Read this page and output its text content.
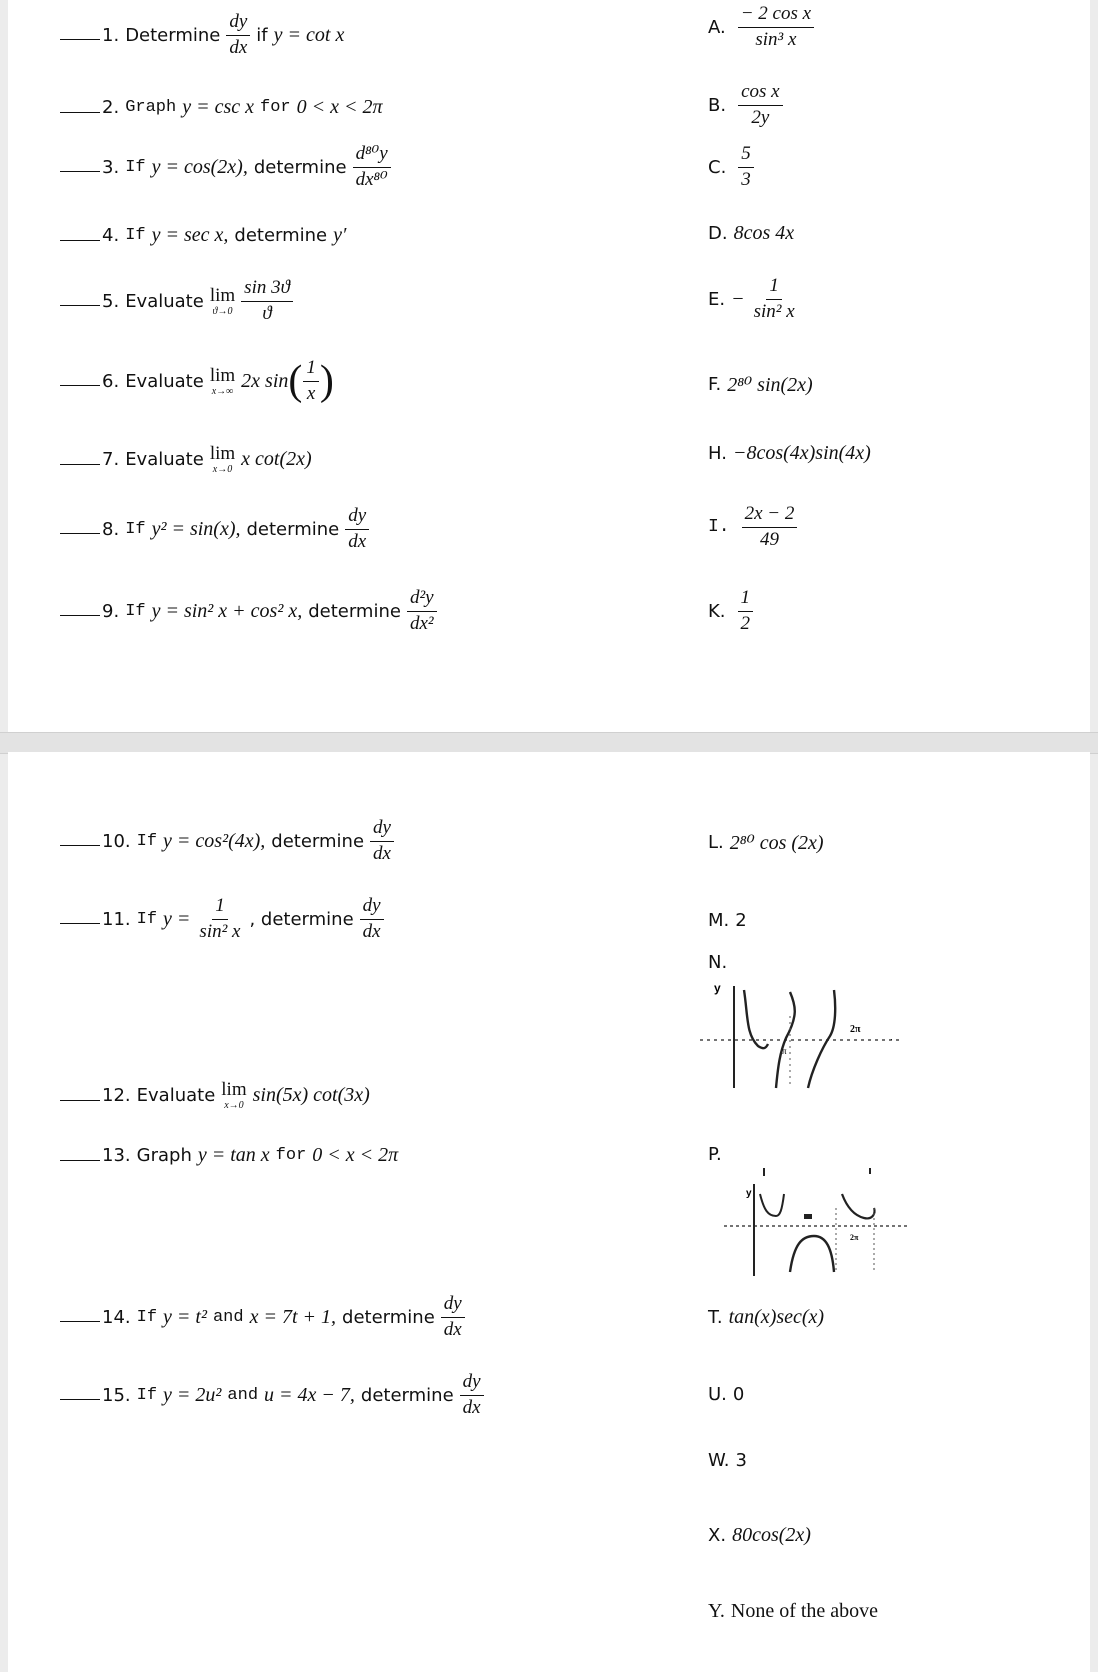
1. Determine $\frac{dy}{dx}$ if y = cot x
2. Graph y = csc x for 0 < x < 2π
3. If y = cos(2x), determine $\frac{\text{d⁸⁰y}}{\text{dx⁸⁰}}$
4. If y = sec x, determine y′
5. Evaluate lim
$ϑ\to 0 \frac{\sin 3ϑ}{ϑ}$
6. Evaluate lim
x→∞ 2x sin ( $\frac{1}{x}$ )
7. Evaluate lim
x→0 x cot(2x)
8. If y² = sin(x), determine $\frac{dy}{dx}$
9. If y = sin² x + cos² x, determine $\frac{\text{d²y}}{\text{dx²}}$
10. If y = cos²(4x), determine $\frac{dy}{dx}$
11. If $y = \frac{1}{\text{sin² x}}$ , determine $\frac{dy}{dx}$
12. Evaluate lim
x→0 sin(5x) cot(3x)
13. Graph y = tan x for 0 < x < 2π
14. If y = t² and x = 7t + 1, determine $\frac{dy}{dx}$
15. If y = 2u² and u = 4x − 7, determine $\frac{dy}{dx}$
A. $\frac{\text{− 2 cos x}}{\text{sin³ x}}$
B. $\frac{\text{cos x}}{2y}$
C. $\frac{5}{3}$
D. 8cos 4x
E. − $\frac{1}{\text{sin² x}}$
F. 2⁸⁰ sin(2x)
H. −8cos(4x)sin(4x)
I. $\frac{2x - 2}{49}$
K. $\frac{1}{2}$
L. 2⁸⁰ cos (2x)
M. 2
N.
P.
T. tan(x)sec(x)
U. 0
W. 3
X. 80cos(2x)
Y. None of the above
y
π
2π
·
y
2π
